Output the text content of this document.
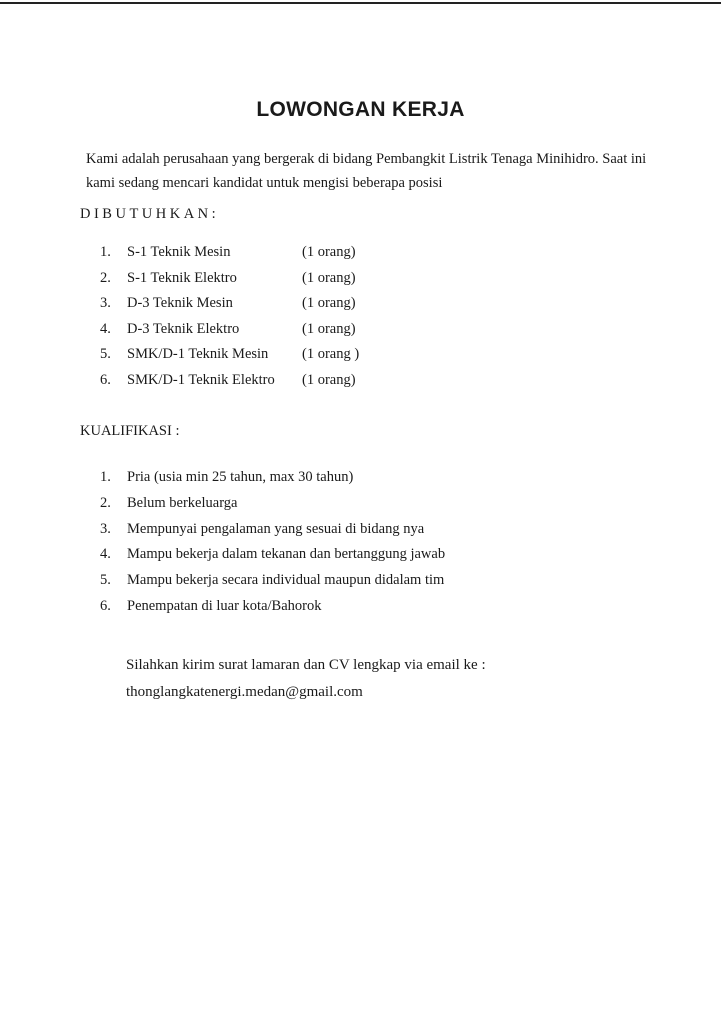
LOWONGAN KERJA

Kami adalah perusahaan yang bergerak di bidang Pembangkit Listrik Tenaga Minihidro. Saat ini

kami sedang mencari kandidat untuk mengisi beberapa posisi

DIBUTUHKAN:
1.	S-1 Teknik Mesin	(1 orang)
2.	S-1 Teknik Elektro	(1 orang)
3.	D-3 Teknik Mesin	(1 orang)
4.	D-3 Teknik Elektro	(1 orang)
5.	SMK/D-1 Teknik Mesin	(1 orang )
6.	SMK/D-1 Teknik Elektro	(1 orang)
KUALIFIKASI :
1.	Pria (usia min 25 tahun, max 30 tahun)
2.	Belum berkeluarga
3.	Mempunyai pengalaman yang sesuai di bidang nya
4.	Mampu bekerja dalam tekanan dan bertanggung jawab
5.	Mampu bekerja secara individual maupun didalam tim
6.	Penempatan di luar kota/Bahorok

Silahkan kirim surat lamaran dan CV lengkap via email ke :

thonglangkatenergi.medan@gmail.com
